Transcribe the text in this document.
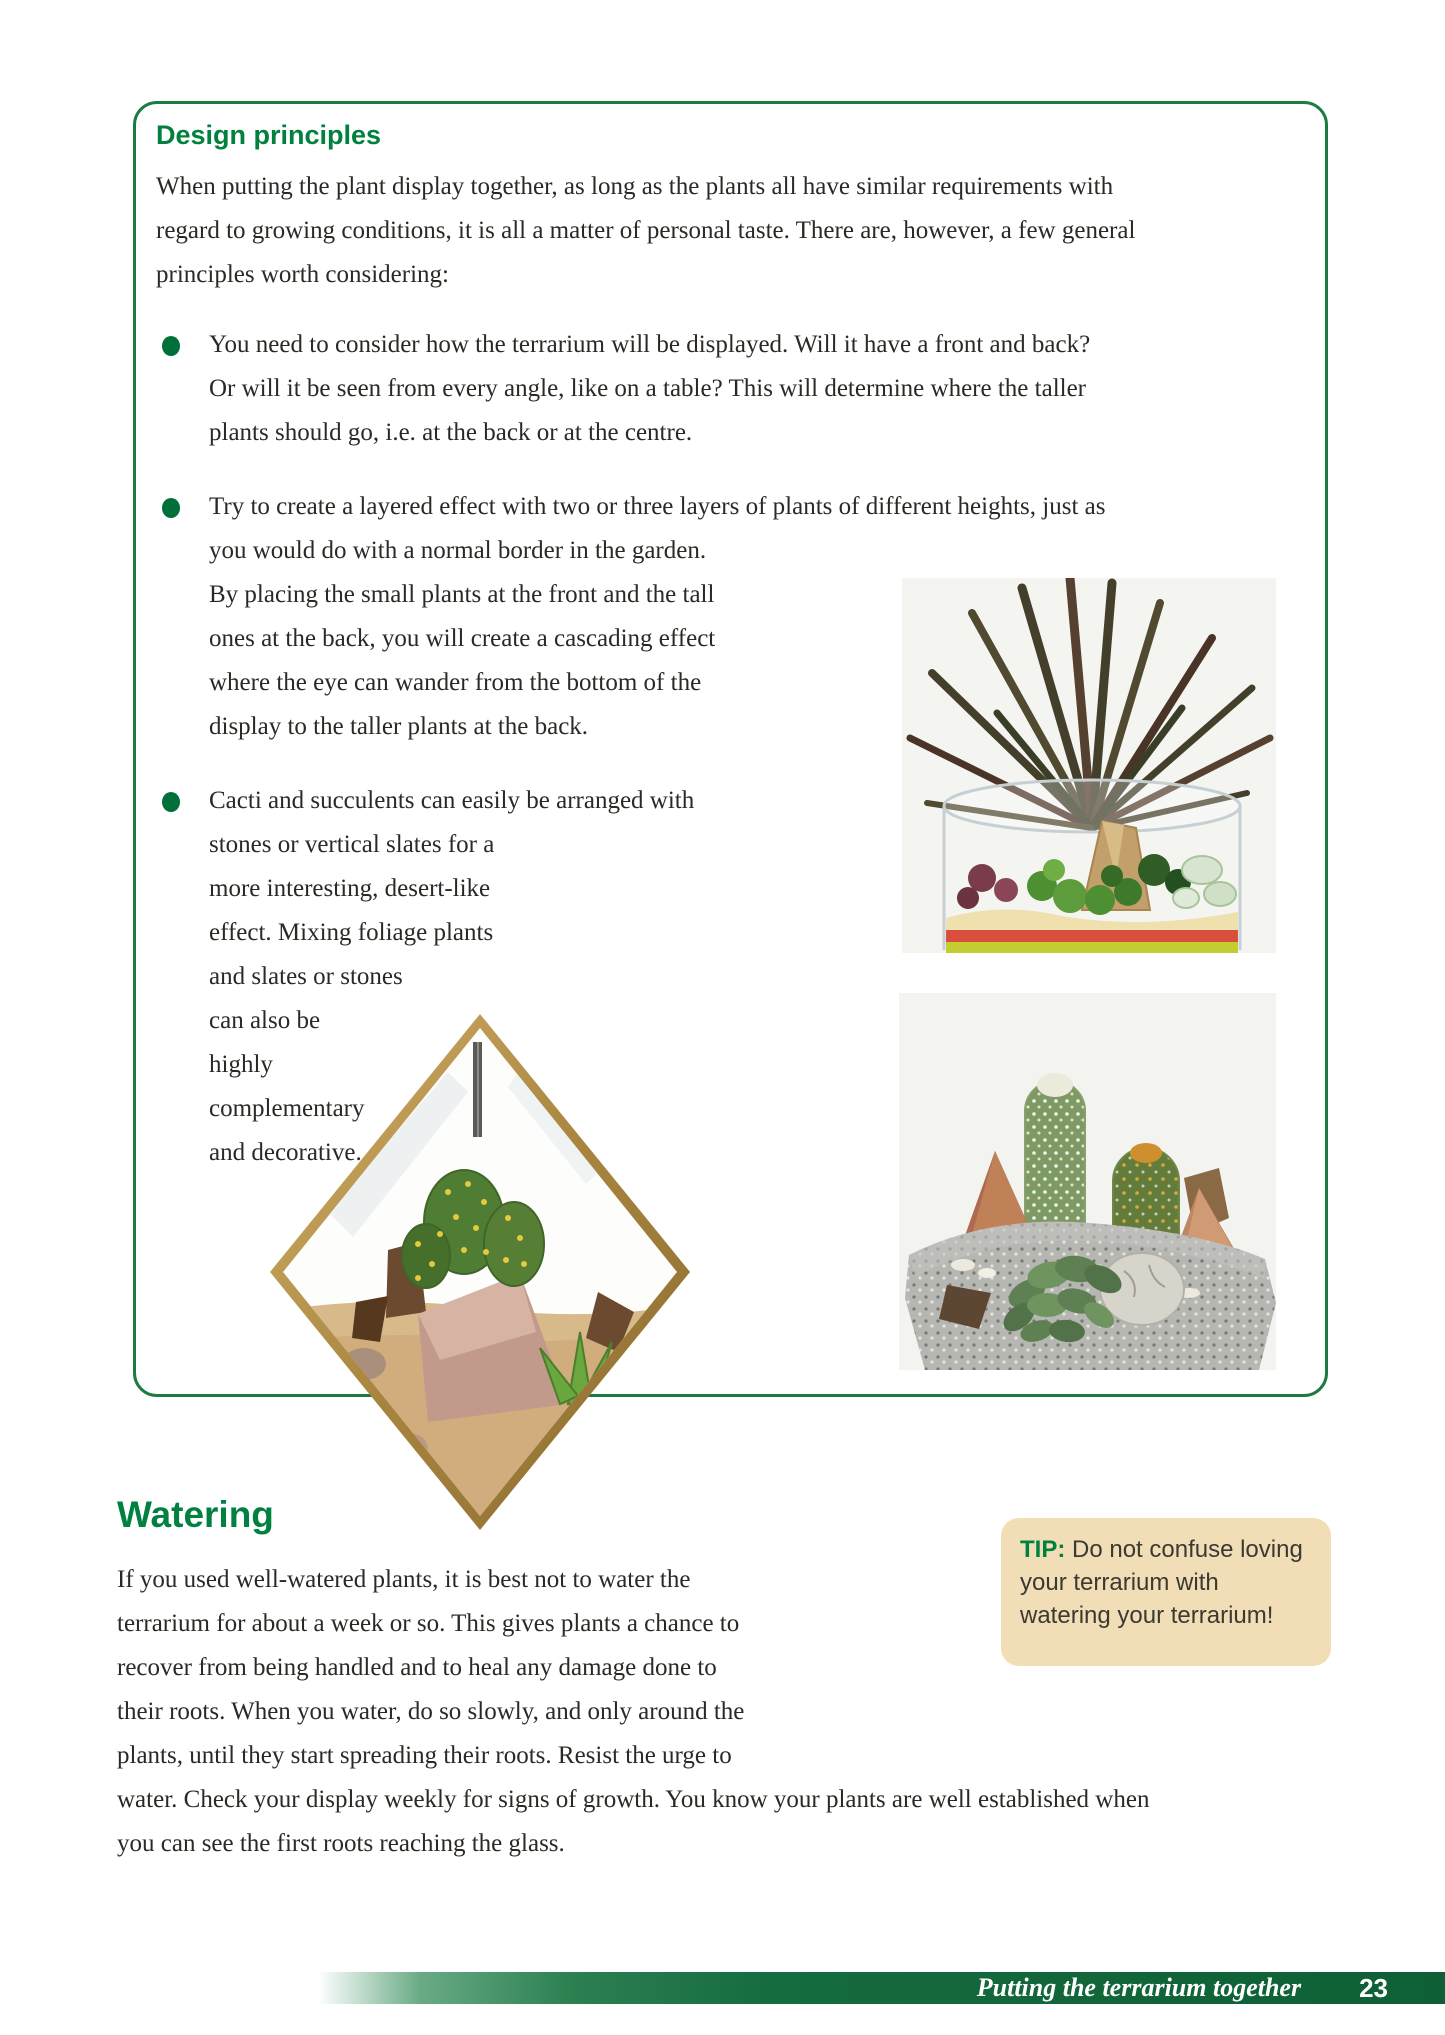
Design principles

When putting the plant display together, as long as the plants all have similar requirements with regard to growing conditions, it is all a matter of personal taste. There are, however, a few general principles worth considering:

You need to consider how the terrarium will be displayed. Will it have a front and back? Or will it be seen from every angle, like on a table? This will determine where the taller plants should go, i.e. at the back or at the centre.
Try to create a layered effect with two or three layers of plants of different heights, just as you would do with a normal border in the garden. By placing the small plants at the front and the tall ones at the back, you will create a cascading effect where the eye can wander from the bottom of the display to the taller plants at the back.
Cacti and succulents can easily be arranged with stones or vertical slates for a more interesting, desert-like effect. Mixing foliage plants and slates or stones can also be highly complementary and decorative.
Watering

If you used well-watered plants, it is best not to water the terrarium for about a week or so. This gives plants a chance to recover from being handled and to heal any damage done to their roots. When you water, do so slowly, and only around the plants, until they start spreading their roots. Resist the urge to water. Check your display weekly for signs of growth. You know your plants are well established when you can see the first roots reaching the glass.

TIP: Do not confuse loving your terrarium with watering your terrarium!
Putting the terrarium together 23
